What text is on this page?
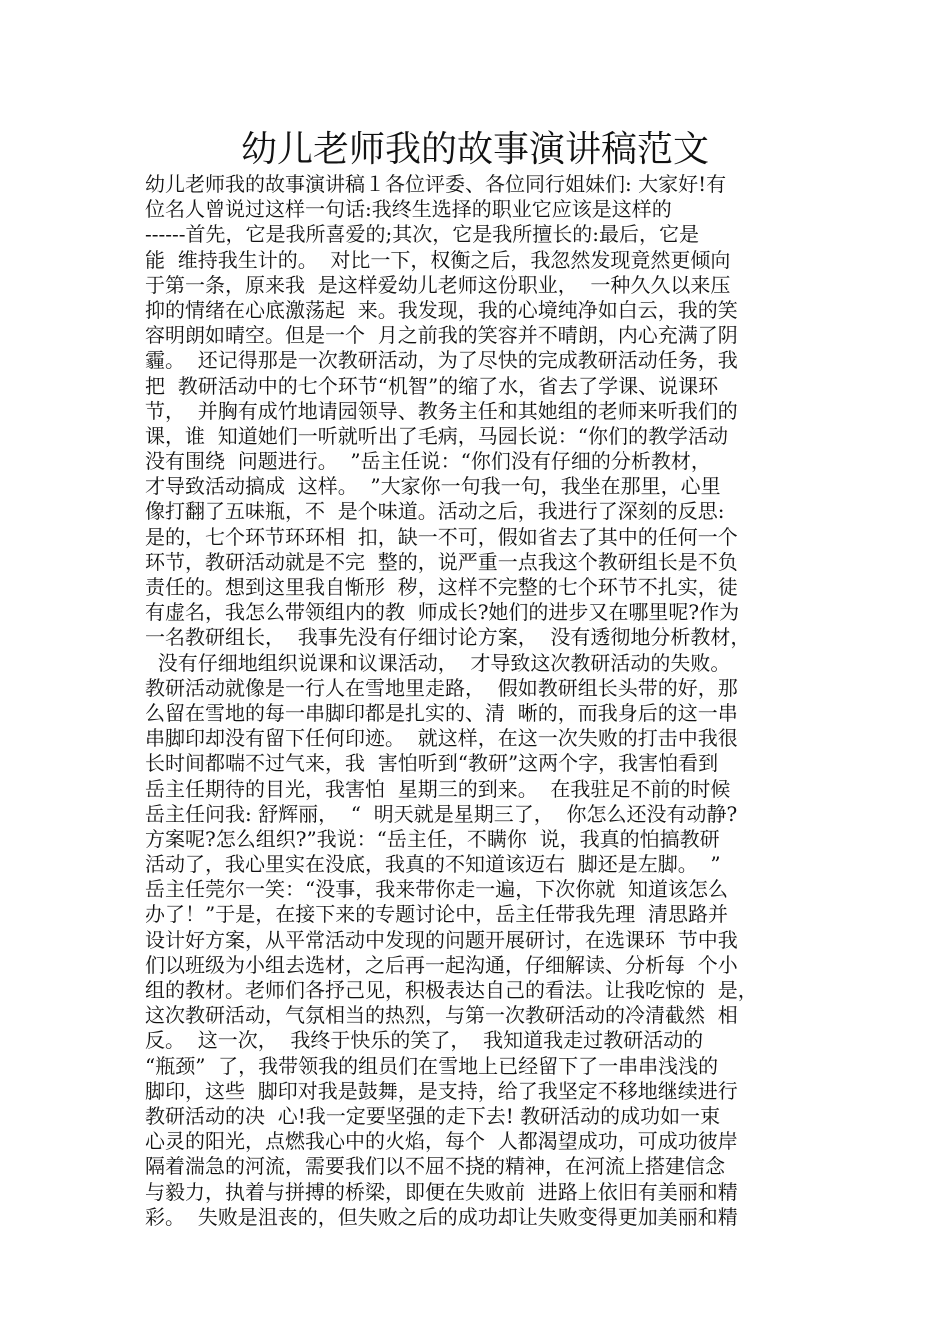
幼儿老师我的故事演讲稿范文
幼儿老师我的故事演讲稿１各位评委、各位同行姐妹们: 大家好!有
位名人曾说过这样一句话:我终生选择的职业它应该是这样的
------首先，它是我所喜爱的;其次，它是我所擅长的:最后，它是
能  维持我生计的。  对比一下，权衡之后，我忽然发现竟然更倾向
于第一条，原来我  是这样爱幼儿老师这份职业，  一种久久以来压
抑的情绪在心底激荡起  来。我发现，我的心境纯净如白云，我的笑
容明朗如晴空。但是一个  月之前我的笑容并不晴朗，内心充满了阴
霾。  还记得那是一次教研活动，为了尽快的完成教研活动任务，我
把  教研活动中的七个环节“机智”的缩了水，省去了学课、说课环
节，  并胸有成竹地请园领导、教务主任和其她组的老师来听我们的
课，谁  知道她们一听就听出了毛病，马园长说：“你们的教学活动
没有围绕  问题进行。  ”岳主任说：“你们没有仔细的分析教材，
才导致活动搞成  这样。  ”大家你一句我一句，我坐在那里，心里
像打翻了五味瓶，不  是个味道。活动之后，我进行了深刻的反思:
是的，七个环节环环相  扣，缺一不可，假如省去了其中的任何一个
环节，教研活动就是不完  整的，说严重一点我这个教研组长是不负
责任的。想到这里我自惭形  秽，这样不完整的七个环节不扎实，徒
有虚名，我怎么带领组内的教  师成长?她们的进步又在哪里呢?作为
一名教研组长，  我事先没有仔细讨论方案，  没有透彻地分析教材，
没有仔细地组织说课和议课活动，  才导致这次教研活动的失败。
教研活动就像是一行人在雪地里走路，  假如教研组长头带的好，那
么留在雪地的每一串脚印都是扎实的、清  晰的，而我身后的这一串
串脚印却没有留下任何印迹。  就这样，在这一次失败的打击中我很
长时间都喘不过气来，我  害怕听到“教研”这两个字，我害怕看到
岳主任期待的目光，我害怕  星期三的到来。  在我驻足不前的时候
岳主任问我: 舒辉丽，  “  明天就是星期三了，  你怎么还没有动静?
方案呢?怎么组织?”我说：“岳主任，不瞒你  说，我真的怕搞教研
活动了，我心里实在没底，我真的不知道该迈右  脚还是左脚。  ”
岳主任莞尔一笑：“没事，我来带你走一遍，下次你就  知道该怎么
办了！”于是，在接下来的专题讨论中，岳主任带我先理  清思路并
设计好方案，从平常活动中发现的问题开展研讨，在选课环  节中我
们以班级为小组去选材，之后再一起沟通，仔细解读、分析每  个小
组的教材。老师们各抒己见，积极表达自己的看法。让我吃惊的  是，
这次教研活动，气氛相当的热烈，与第一次教研活动的冷清截然  相
反。  这一次，  我终于快乐的笑了，  我知道我走过教研活动的
“瓶颈”  了，我带领我的组员们在雪地上已经留下了一串串浅浅的
脚印，这些  脚印对我是鼓舞，是支持，给了我坚定不移地继续进行
教研活动的决  心!我一定要坚强的走下去! 教研活动的成功如一束
心灵的阳光，点燃我心中的火焰，每个  人都渴望成功，可成功彼岸
隔着湍急的河流，需要我们以不屈不挠的精神，在河流上搭建信念
与毅力，执着与拼搏的桥梁，即便在失败前  进路上依旧有美丽和精
彩。  失败是沮丧的，但失败之后的成功却让失败变得更加美丽和精
